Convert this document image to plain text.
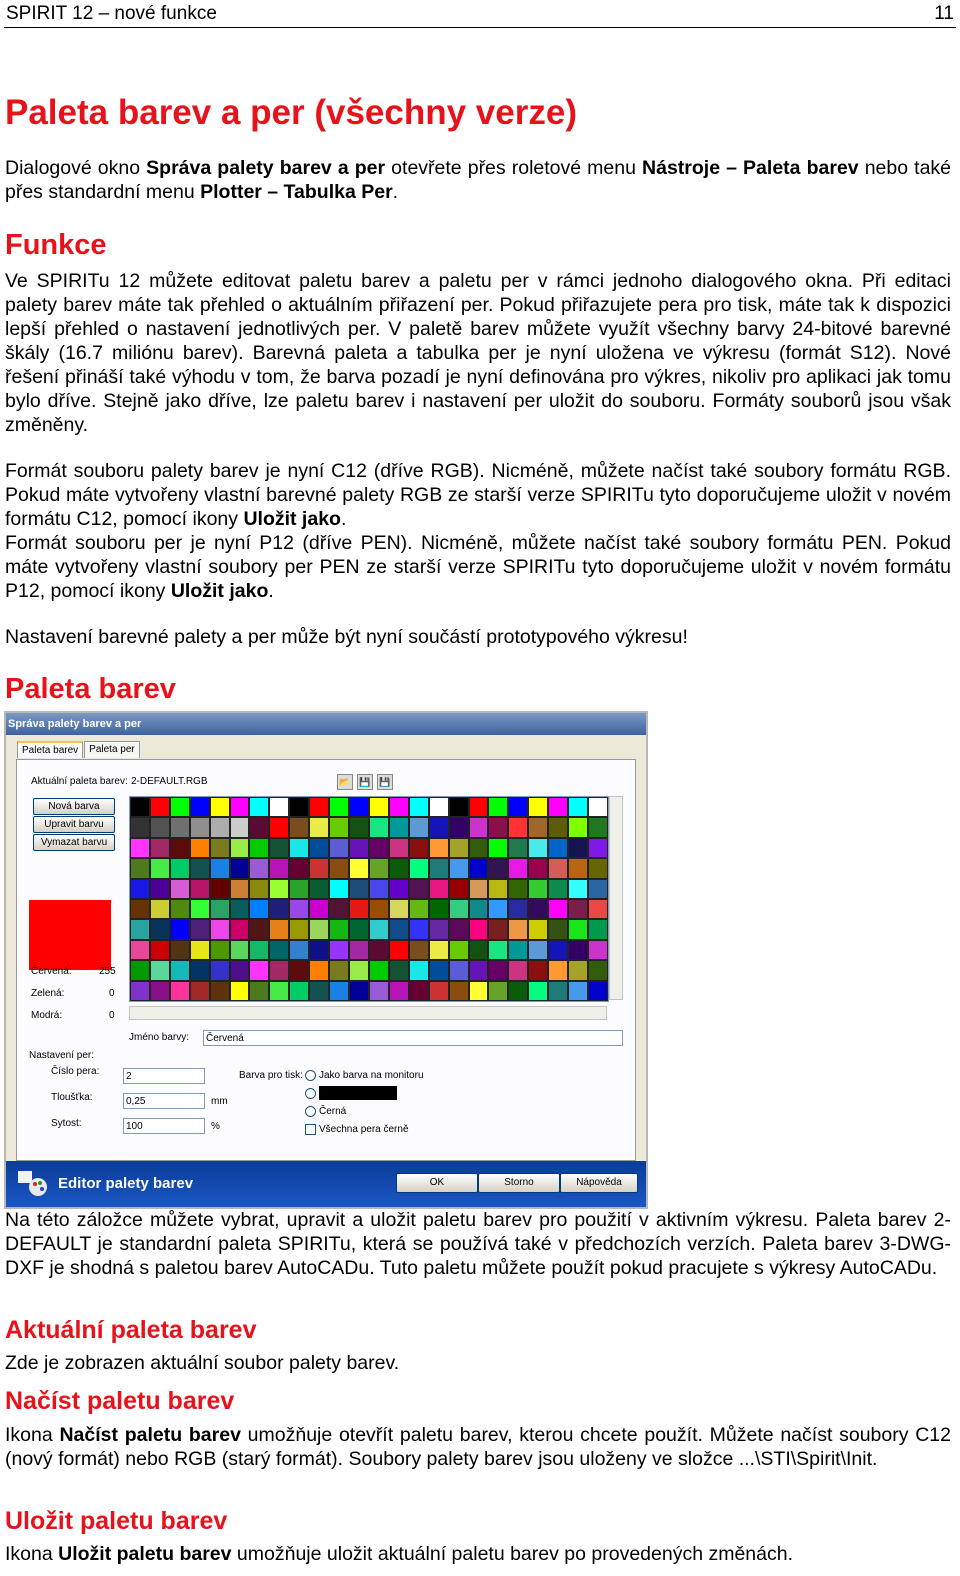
SPIRIT 12 – nové funkce	11
Paleta barev a per (všechny verze)

Dialogové okno Správa palety barev a per otevřete přes roletové menu Nástroje – Paleta barev nebo také přes standardní menu Plotter – Tabulka Per.

Funkce

Ve SPIRITu 12 můžete editovat paletu barev a paletu per v rámci jednoho dialogového okna. Při editaci palety barev máte tak přehled o aktuálním přiřazení per. Pokud přiřazujete pera pro tisk, máte tak k dispozici lepší přehled o nastavení jednotlivých per. V paletě barev můžete využít všechny barvy 24-bitové barevné škály (16.7 miliónu barev). Barevná paleta a tabulka per je nyní uložena ve výkresu (formát S12). Nové řešení přináší také výhodu v tom, že barva pozadí je nyní definována pro výkres, nikoliv pro aplikaci jak tomu bylo dříve. Stejně jako dříve, lze paletu barev i nastavení per uložit do souboru. Formáty souborů jsou však změněny.

Formát souboru palety barev je nyní C12 (dříve RGB). Nicméně, můžete načíst také soubory formátu RGB. Pokud máte vytvořeny vlastní barevné palety RGB ze starší verze SPIRITu tyto doporučujeme uložit v novém formátu C12, pomocí ikony Uložit jako.

Formát souboru per je nyní P12 (dříve PEN). Nicméně, můžete načíst také soubory formátu PEN. Pokud máte vytvořeny vlastní soubory per PEN ze starší verze SPIRITu tyto doporučujeme uložit v novém formátu P12, pomocí ikony Uložit jako.

Nastavení barevné palety a per může být nyní součástí prototypového výkresu!

Paleta barev
Správa palety barev a per
Paleta barev	Paleta per
Aktuální paleta barev: 2-DEFAULT.RGB	📂 💾 💾
Nová barva
Upravit barvu
Vymazat barvu
Červená:	255
Zelená:	0
Modrá:	0
Jméno barvy:	Červená
Nastavení per:
Číslo pera:	2
Tloušťka:	0,25	mm
Sytost:	100	%
Barva pro tisk: Jako barva na monitoru
Černá
Všechna pera černě
Editor palety barev	OK	Storno	Nápověda

Na této záložce můžete vybrat, upravit a uložit paletu barev pro použití v aktivním výkresu. Paleta barev 2-DEFAULT je standardní paleta SPIRITu, která se používá také v předchozích verzích. Paleta barev 3-DWG-DXF je shodná s paletou barev AutoCADu. Tuto paletu můžete použít pokud pracujete s výkresy AutoCADu.

Aktuální paleta barev

Zde je zobrazen aktuální soubor palety barev.

Načíst paletu barev

Ikona Načíst paletu barev umožňuje otevřít paletu barev, kterou chcete použít. Můžete načíst soubory C12 (nový formát) nebo RGB (starý formát). Soubory palety barev jsou uloženy ve složce ...\STI\Spirit\Init.

Uložit paletu barev

Ikona Uložit paletu barev umožňuje uložit aktuální paletu barev po provedených změnách.
